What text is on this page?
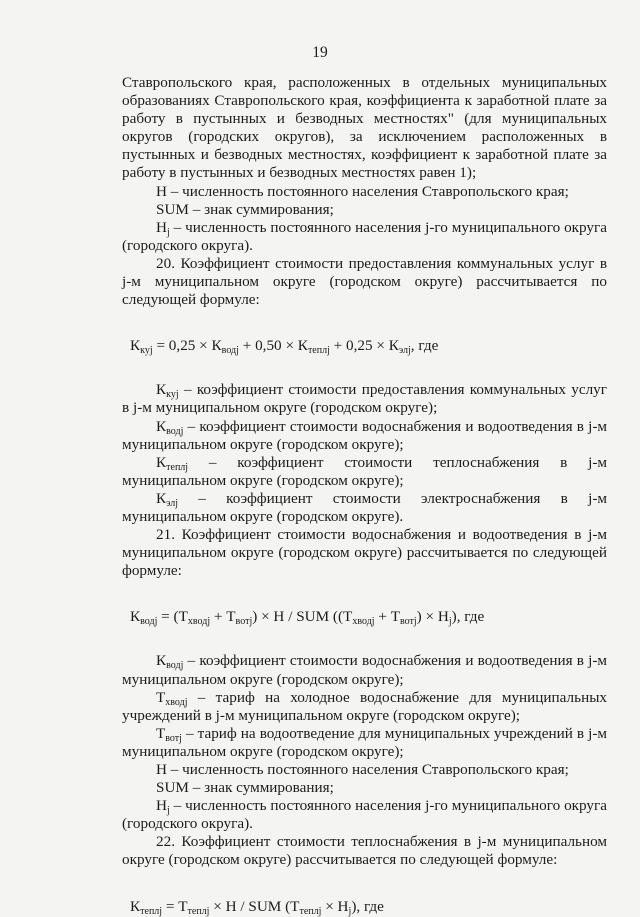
19

Ставропольского края, расположенных в отдельных муниципальных образованиях Ставропольского края, коэффициента к заработной плате за работу в пустынных и безводных местностях" (для муниципальных округов (городских округов), за исключением расположенных в пустынных и безводных местностях, коэффициент к заработной плате за работу в пустынных и безводных местностях равен 1);

Н – численность постоянного населения Ставропольского края;

SUM – знак суммирования;

$Н_j$ – численность постоянного населения j-го муниципального округа (городского округа).

20. Коэффициент стоимости предоставления коммунальных услуг в j-м муниципальном округе (городском округе) рассчитывается по следующей формуле:

$К_{куj} = 0,25 \times К_{водj} + 0,50 \times К_{теплj} + 0,25 \times К_{элj}$, где

$К_{куj}$ – коэффициент стоимости предоставления коммунальных услуг в j-м муниципальном округе (городском округе);

$К_{водj}$ – коэффициент стоимости водоснабжения и водоотведения в j-м муниципальном округе (городском округе);

$К_{теплj}$ – коэффициент стоимости теплоснабжения в j-м муниципальном округе (городском округе);

$К_{элj}$ – коэффициент стоимости электроснабжения в j-м муниципальном округе (городском округе).

21. Коэффициент стоимости водоснабжения и водоотведения в j-м муниципальном округе (городском округе) рассчитывается по следующей формуле:

$К_{водj} = (Т_{хводj} + Т_{вотj}) \times Н$ / SUM $((Т_{хводj} + Т_{вотj}) \times Н_j)$, где

$К_{водj}$ – коэффициент стоимости водоснабжения и водоотведения в j-м муниципальном округе (городском округе);

$Т_{хводj}$ – тариф на холодное водоснабжение для муниципальных учреждений в j-м муниципальном округе (городском округе);

$Т_{вотj}$ – тариф на водоотведение для муниципальных учреждений в j-м муниципальном округе (городском округе);

Н – численность постоянного населения Ставропольского края;

SUM – знак суммирования;

$Н_j$ – численность постоянного населения j-го муниципального округа (городского округа).

22. Коэффициент стоимости теплоснабжения в j-м муниципальном округе (городском округе) рассчитывается по следующей формуле:

$К_{теплj} = Т_{теплj} \times Н$ / SUM $(Т_{теплj} \times Н_j)$, где
